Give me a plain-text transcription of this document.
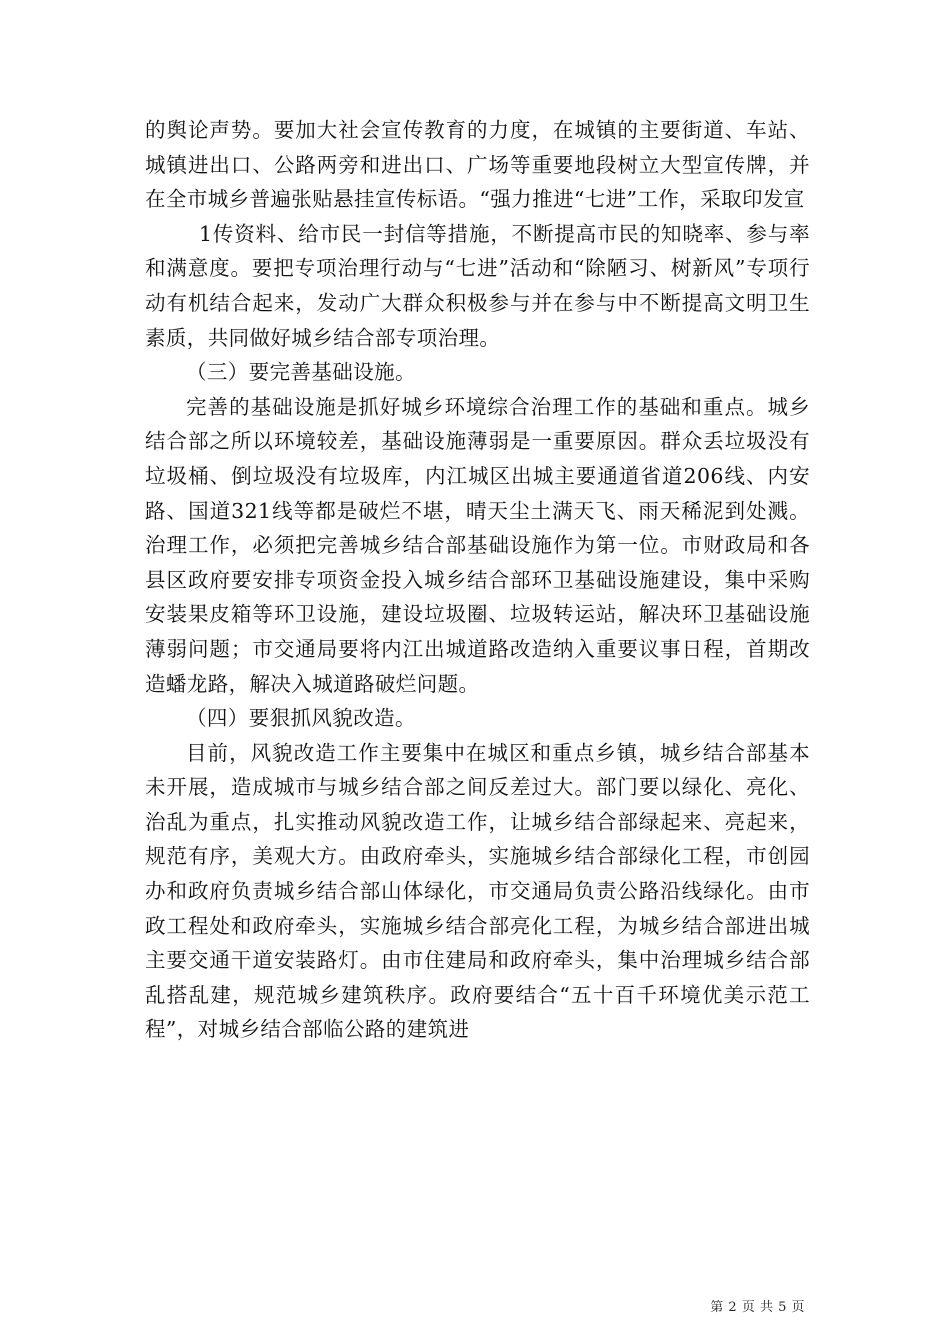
的舆论声势。要加大社会宣传教育的力度，在城镇的主要街道、车站、城镇进出口、公路两旁和进出口、广场等重要地段树立大型宣传牌，并在全市城乡普遍张贴悬挂宣传标语。“强力推进“七进”工作，采取印发宣

1传资料、给市民一封信等措施，不断提高市民的知晓率、参与率和满意度。要把专项治理行动与“七进”活动和“除陋习、树新风”专项行动有机结合起来，发动广大群众积极参与并在参与中不断提高文明卫生素质，共同做好城乡结合部专项治理。

（三）要完善基础设施。

完善的基础设施是抓好城乡环境综合治理工作的基础和重点。城乡结合部之所以环境较差，基础设施薄弱是一重要原因。群众丢垃圾没有垃圾桶、倒垃圾没有垃圾库，内江城区出城主要通道省道206线、内安路、国道321线等都是破烂不堪，晴天尘土满天飞、雨天稀泥到处溅。治理工作，必须把完善城乡结合部基础设施作为第一位。市财政局和各县区政府要安排专项资金投入城乡结合部环卫基础设施建设，集中采购安装果皮箱等环卫设施，建设垃圾圈、垃圾转运站，解决环卫基础设施薄弱问题；市交通局要将内江出城道路改造纳入重要议事日程，首期改造蟠龙路，解决入城道路破烂问题。

（四）要狠抓风貌改造。

目前，风貌改造工作主要集中在城区和重点乡镇，城乡结合部基本未开展，造成城市与城乡结合部之间反差过大。部门要以绿化、亮化、治乱为重点，扎实推动风貌改造工作，让城乡结合部绿起来、亮起来，规范有序，美观大方。由政府牵头，实施城乡结合部绿化工程，市创园办和政府负责城乡结合部山体绿化，市交通局负责公路沿线绿化。由市政工程处和政府牵头，实施城乡结合部亮化工程，为城乡结合部进出城主要交通干道安装路灯。由市住建局和政府牵头，集中治理城乡结合部乱搭乱建，规范城乡建筑秩序。政府要结合“五十百千环境优美示范工程”，对城乡结合部临公路的建筑进

第 2 页 共 5 页
